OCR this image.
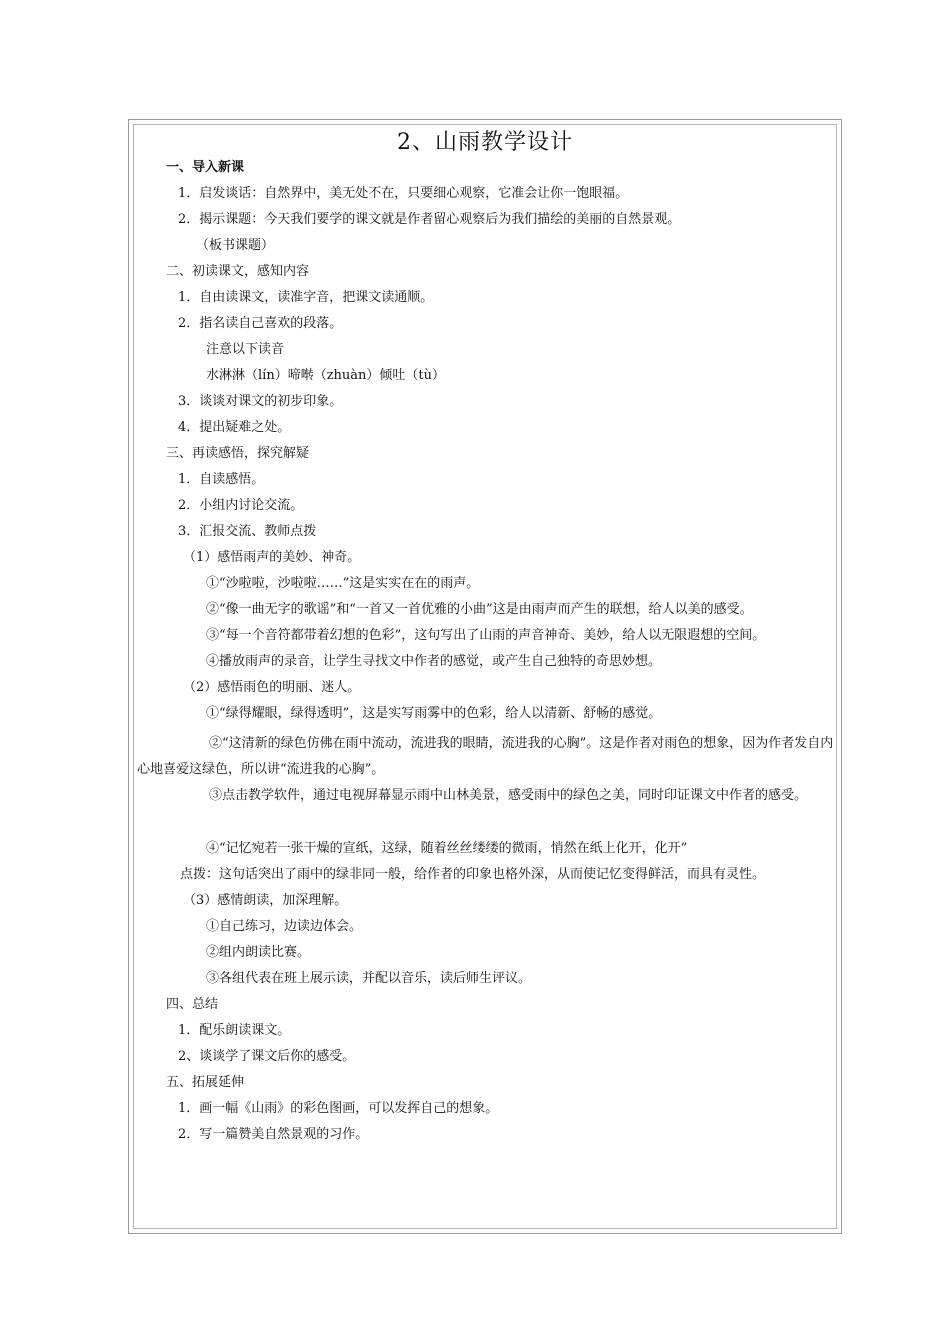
2、山雨教学设计
一、导入新课
1．启发谈话：自然界中，美无处不在，只要细心观察，它准会让你一饱眼福。
2．揭示课题：今天我们要学的课文就是作者留心观察后为我们描绘的美丽的自然景观。
（板书课题）
二、初读课文，感知内容
1．自由读课文，读准字音，把课文读通顺。
2．指名读自己喜欢的段落。
注意以下读音
水淋淋（lín）啼啭（zhuàn）倾吐（tù）
3．谈谈对课文的初步印象。
4．提出疑难之处。
三、再读感悟，探究解疑
1．自读感悟。
2．小组内讨论交流。
3．汇报交流、教师点拨
（1）感悟雨声的美妙、神奇。
①“沙啦啦，沙啦啦……”这是实实在在的雨声。
②“像一曲无字的歌谣”和“一首又一首优雅的小曲”这是由雨声而产生的联想，给人以美的感受。
③“每一个音符都带着幻想的色彩”，这句写出了山雨的声音神奇、美妙，给人以无限遐想的空间。
④播放雨声的录音，让学生寻找文中作者的感觉，或产生自己独特的奇思妙想。
（2）感悟雨色的明丽、迷人。
①“绿得耀眼，绿得透明”，这是实写雨雾中的色彩，给人以清新、舒畅的感觉。
②“这清新的绿色仿佛在雨中流动，流进我的眼睛，流进我的心胸”。这是作者对雨色的想象，因为作者发自内心地喜爱这绿色，所以讲“流进我的心胸”。
③点击教学软件，通过电视屏幕显示雨中山林美景，感受雨中的绿色之美，同时印证课文中作者的感受。
④“记忆宛若一张干燥的宣纸，这绿，随着丝丝缕缕的微雨，悄然在纸上化开，化开”
点拨：这句话突出了雨中的绿非同一般，给作者的印象也格外深，从而使记忆变得鲜活，而具有灵性。
（3）感情朗读，加深理解。
①自己练习，边读边体会。
②组内朗读比赛。
③各组代表在班上展示读，并配以音乐，读后师生评议。
四、总结
1．配乐朗读课文。
2、谈谈学了课文后你的感受。
五、拓展延伸
1．画一幅《山雨》的彩色图画，可以发挥自己的想象。
2．写一篇赞美自然景观的习作。
